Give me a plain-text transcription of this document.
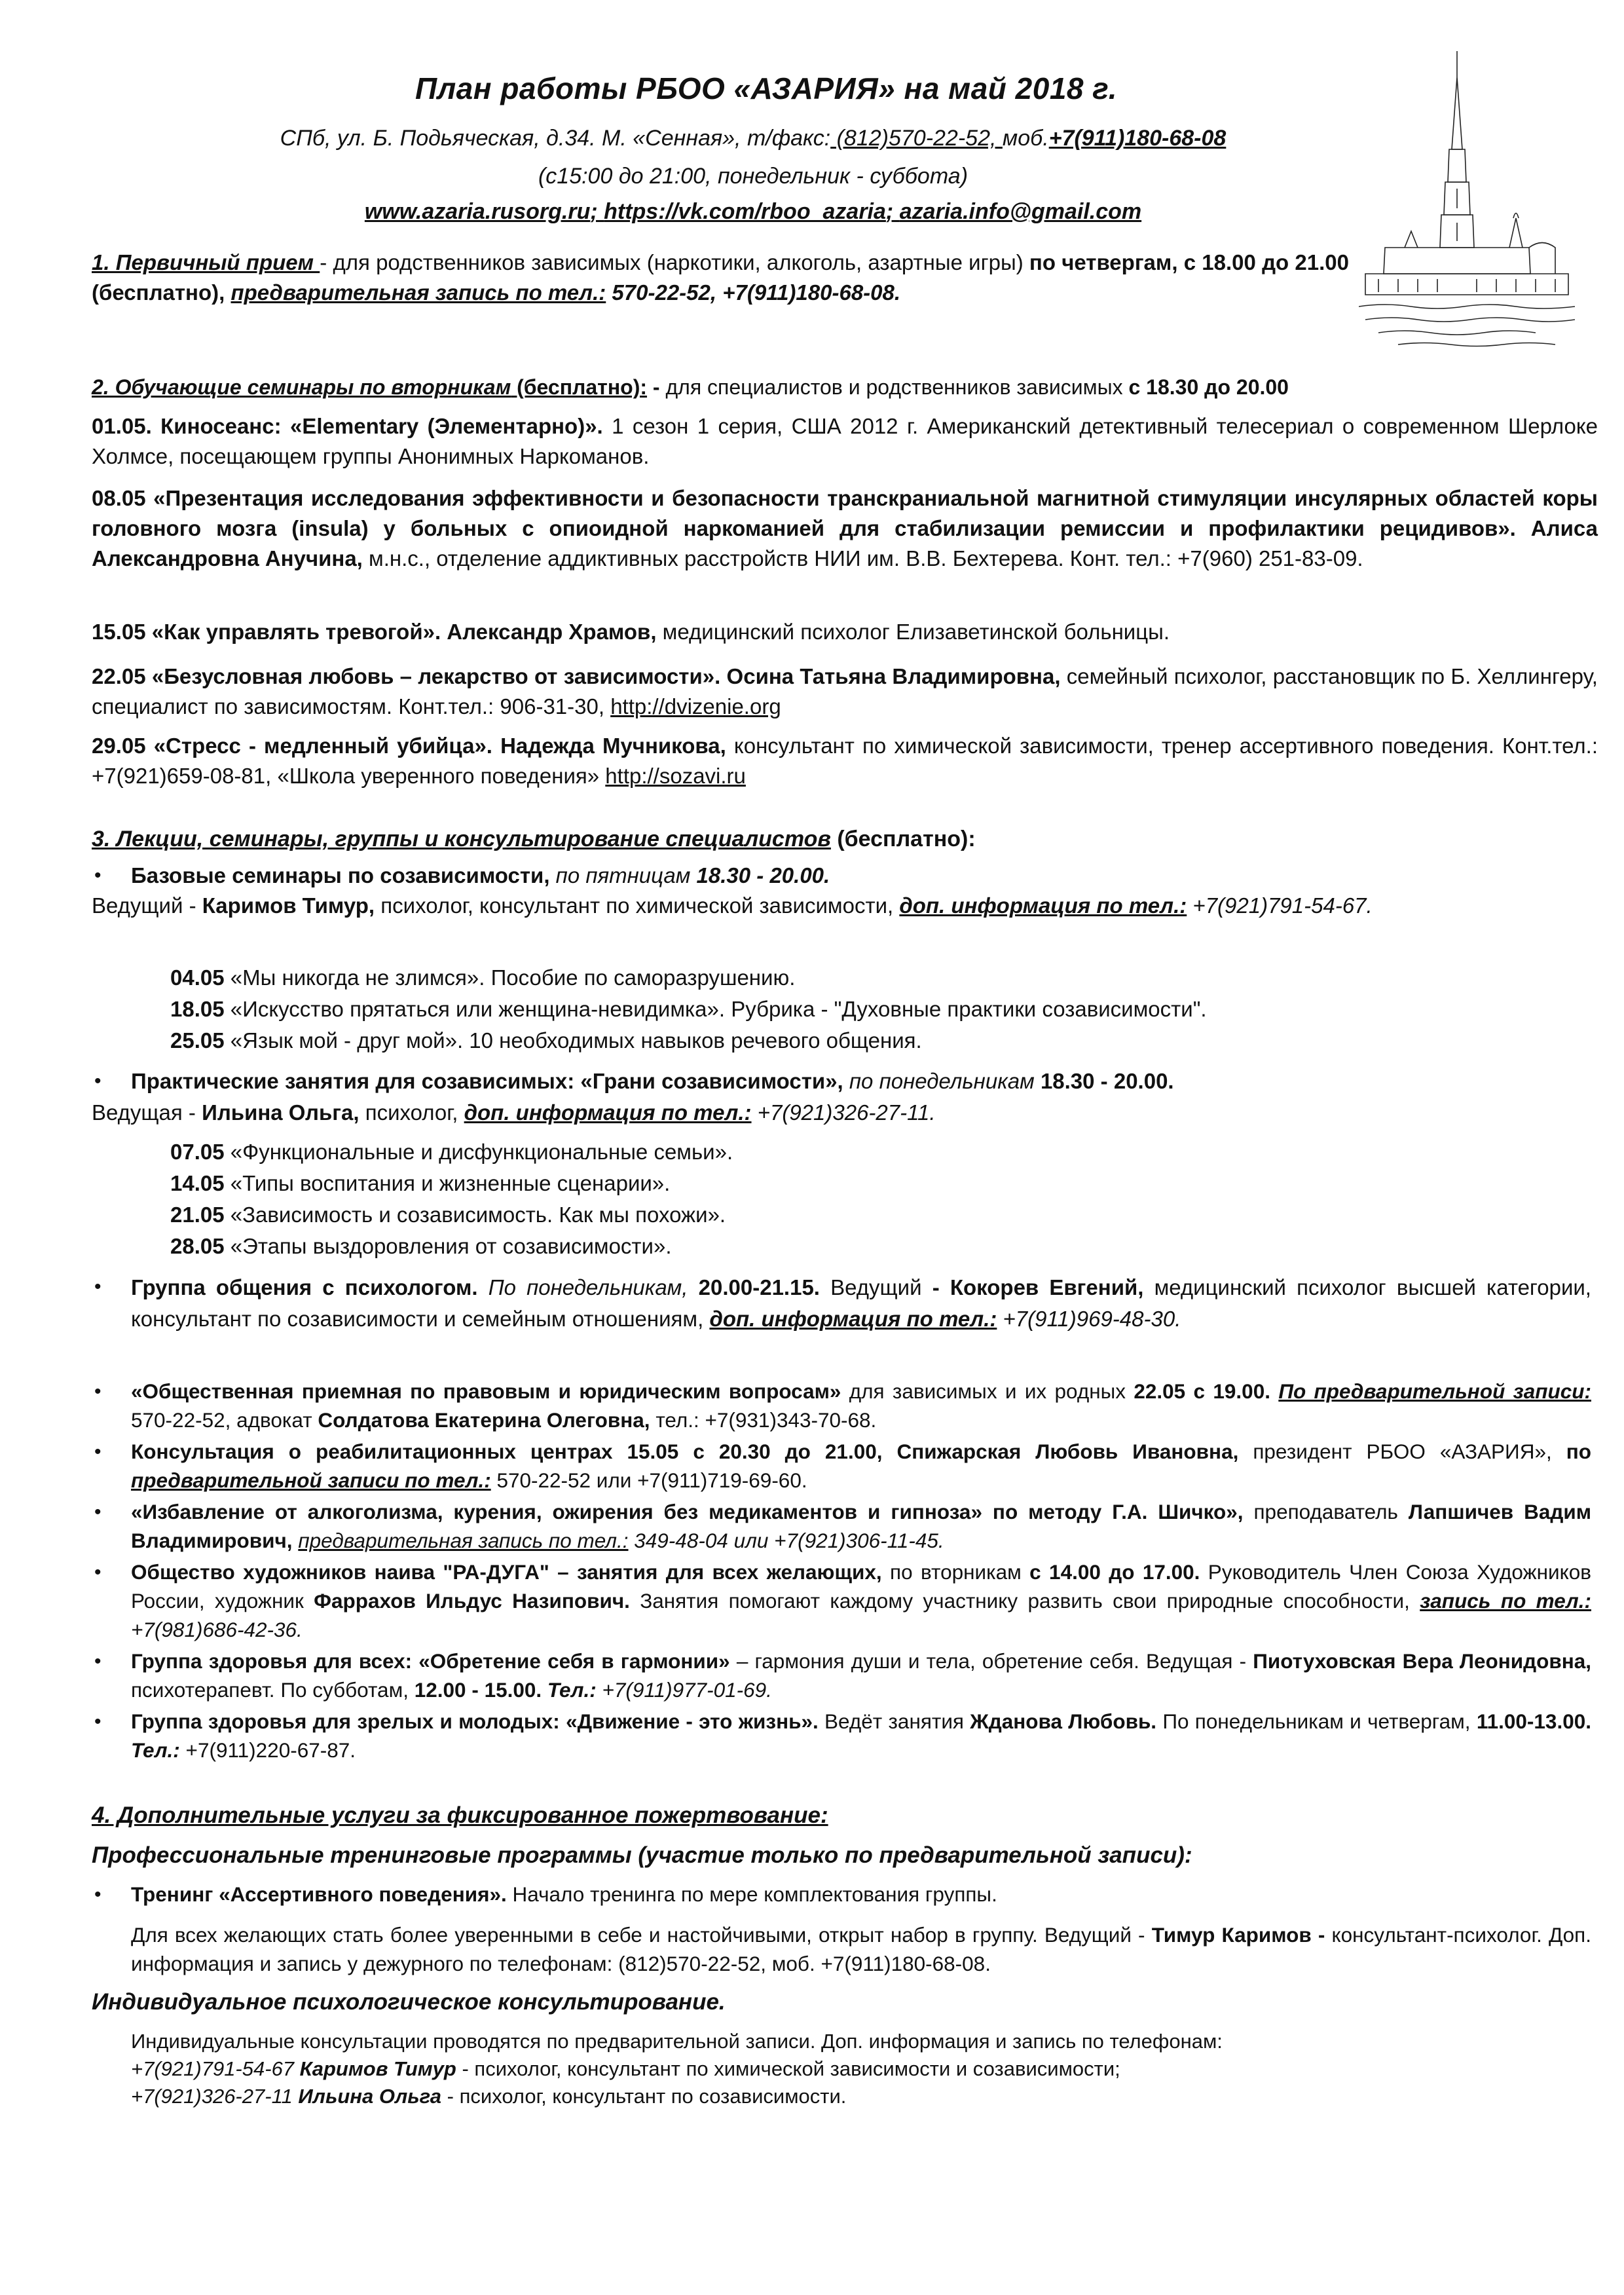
План работы РБОО «АЗАРИЯ» на май 2018 г.
СПб, ул. Б. Подьяческая, д.34. М. «Сенная», т/факс: (812)570-22-52, моб.+7(911)180-68-08
(с15:00 до 21:00, понедельник - суббота)
www.azaria.rusorg.ru; https://vk.com/rboo_azaria; azaria.info@gmail.com
1. Первичный прием - для родственников зависимых (наркотики, алкоголь, азартные игры) по четвергам, с 18.00 до 21.00 (бесплатно), предварительная запись по тел.: 570-22-52, +7(911)180-68-08.
2. Обучающие семинары по вторникам (бесплатно): - для специалистов и родственников зависимых с 18.30 до 20.00
01.05. Киносеанс: «Elementary (Элементарно)». 1 сезон 1 серия, США 2012 г. Американский детективный телесериал о современном Шерлоке Холмсе, посещающем группы Анонимных Наркоманов.
08.05 «Презентация исследования эффективности и безопасности транскраниальной магнитной стимуляции инсулярных областей коры головного мозга (insula) у больных с опиоидной наркоманией для стабилизации ремиссии и профилактики рецидивов». Алиса Александровна Анучина, м.н.с., отделение аддиктивных расстройств НИИ им. В.В. Бехтерева. Конт. тел.: +7(960) 251-83-09.
15.05 «Как управлять тревогой». Александр Храмов, медицинский психолог Елизаветинской больницы.
22.05 «Безусловная любовь – лекарство от зависимости». Осина Татьяна Владимировна, семейный психолог, расстановщик по Б. Хеллингеру, специалист по зависимостям. Конт.тел.: 906-31-30, http://dvizenie.org
29.05 «Стресс - медленный убийца». Надежда Мучникова, консультант по химической зависимости, тренер ассертивного поведения. Конт.тел.: +7(921)659-08-81, «Школа уверенного поведения» http://sozavi.ru
3. Лекции, семинары, группы и консультирование специалистов (бесплатно):
• Базовые семинары по созависимости, по пятницам 18.30 - 20.00.
Ведущий - Каримов Тимур, психолог, консультант по химической зависимости, доп. информация по тел.: +7(921)791-54-67.
04.05 «Мы никогда не злимся». Пособие по саморазрушению.
18.05 «Искусство прятаться или женщина-невидимка». Рубрика - "Духовные практики созависимости".
25.05 «Язык мой - друг мой». 10 необходимых навыков речевого общения.
• Практические занятия для созависимых: «Грани созависимости», по понедельникам 18.30 - 20.00.
Ведущая - Ильина Ольга, психолог, доп. информация по тел.: +7(921)326-27-11.
07.05 «Функциональные и дисфункциональные семьи».
14.05 «Типы воспитания и жизненные сценарии».
21.05 «Зависимость и созависимость. Как мы похожи».
28.05 «Этапы выздоровления от созависимости».
• Группа общения с психологом. По понедельникам, 20.00-21.15. Ведущий - Кокорев Евгений, медицинский психолог высшей категории, консультант по созависимости и семейным отношениям, доп. информация по тел.: +7(911)969-48-30.
• «Общественная приемная по правовым и юридическим вопросам» для зависимых и их родных 22.05 с 19.00. По предварительной записи: 570-22-52, адвокат Солдатова Екатерина Олеговна, тел.: +7(931)343-70-68.
• Консультация о реабилитационных центрах 15.05 с 20.30 до 21.00, Спижарская Любовь Ивановна, президент РБОО «АЗАРИЯ», по предварительной записи по тел.: 570-22-52 или +7(911)719-69-60.
• «Избавление от алкоголизма, курения, ожирения без медикаментов и гипноза» по методу Г.А. Шичко», преподаватель Лапшичев Вадим Владимирович, предварительная запись по тел.: 349-48-04 или +7(921)306-11-45.
• Общество художников наива "РА-ДУГА" – занятия для всех желающих, по вторникам с 14.00 до 17.00. Руководитель Член Союза Художников России, художник Фаррахов Ильдус Назипович. Занятия помогают каждому участнику развить свои природные способности, запись по тел.: +7(981)686-42-36.
• Группа здоровья для всех: «Обретение себя в гармонии» – гармония души и тела, обретение себя. Ведущая - Пиотуховская Вера Леонидовна, психотерапевт. По субботам, 12.00 - 15.00. Тел.: +7(911)977-01-69.
• Группа здоровья для зрелых и молодых: «Движение - это жизнь». Ведёт занятия Жданова Любовь. По понедельникам и четвергам, 11.00-13.00. Тел.: +7(911)220-67-87.
4. Дополнительные услуги за фиксированное пожертвование:
Профессиональные тренинговые программы (участие только по предварительной записи):
• Тренинг «Ассертивного поведения». Начало тренинга по мере комплектования группы.
Для всех желающих стать более уверенными в себе и настойчивыми, открыт набор в группу. Ведущий - Тимур Каримов - консультант-психолог. Доп. информация и запись у дежурного по телефонам: (812)570-22-52, моб. +7(911)180-68-08.
Индивидуальное психологическое консультирование.
Индивидуальные консультации проводятся по предварительной записи. Доп. информация и запись по телефонам:
+7(921)791-54-67 Каримов Тимур - психолог, консультант по химической зависимости и созависимости;
+7(921)326-27-11 Ильина Ольга - психолог, консультант по созависимости.
